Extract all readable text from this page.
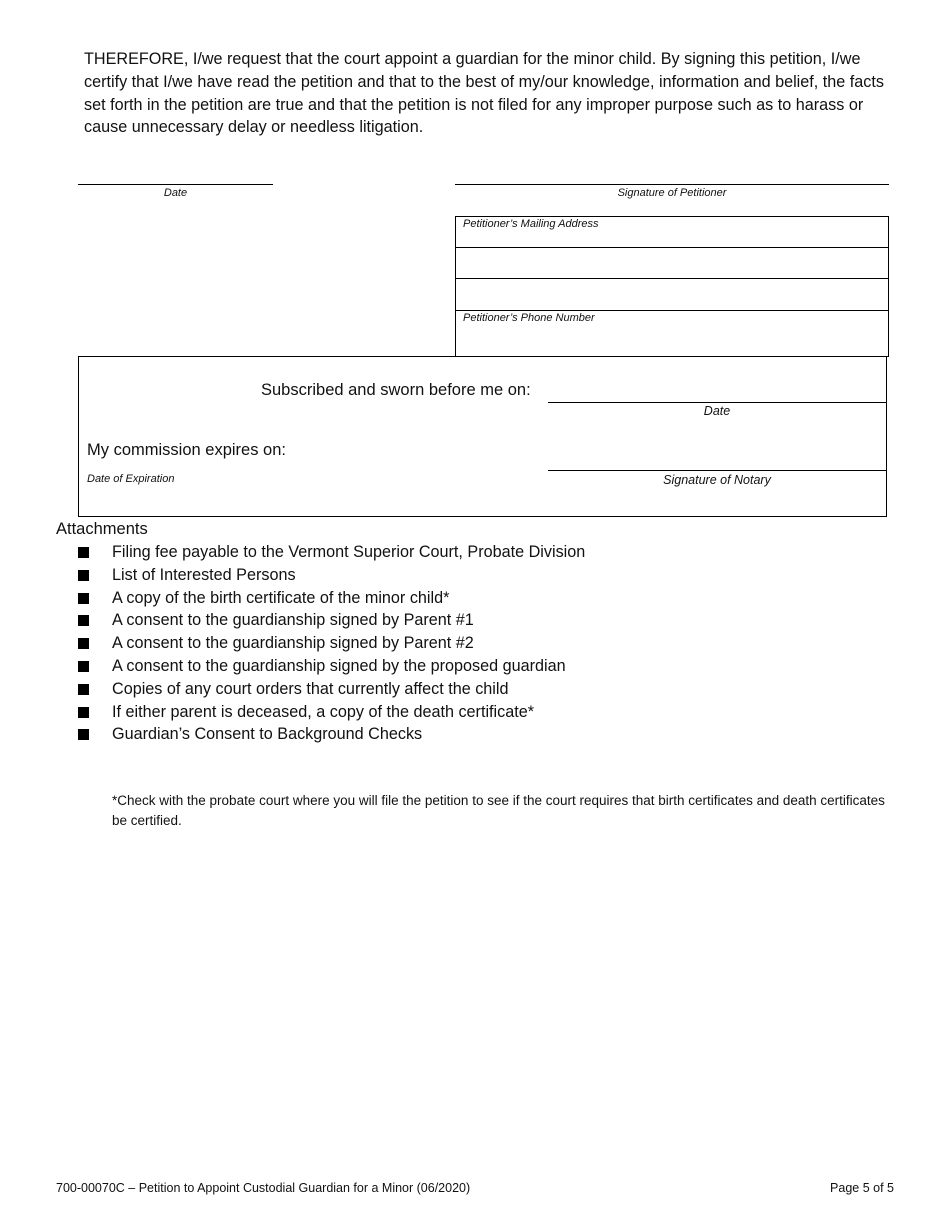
THEREFORE, I/we request that the court appoint a guardian for the minor child. By signing this petition, I/we certify that I/we have read the petition and that to the best of my/our knowledge, information and belief, the facts set forth in the petition are true and that the petition is not filed for any improper purpose such as to harass or cause unnecessary delay or needless litigation.

Date	Signature of Petitioner
Petitioner’s Mailing Address
Petitioner’s Phone Number
Subscribed and sworn before me on:
Date
My commission expires on:
Date of Expiration	Signature of Notary
Attachments
Filing fee payable to the Vermont Superior Court, Probate Division
List of Interested Persons
A copy of the birth certificate of the minor child*
A consent to the guardianship signed by Parent #1
A consent to the guardianship signed by Parent #2
A consent to the guardianship signed by the proposed guardian
Copies of any court orders that currently affect the child
If either parent is deceased, a copy of the death certificate*
Guardian’s Consent to Background Checks

*Check with the probate court where you will file the petition to see if the court requires that birth certificates and death certificates be certified.

700-00070C – Petition to Appoint Custodial Guardian for a Minor (06/2020)	Page 5 of 5
